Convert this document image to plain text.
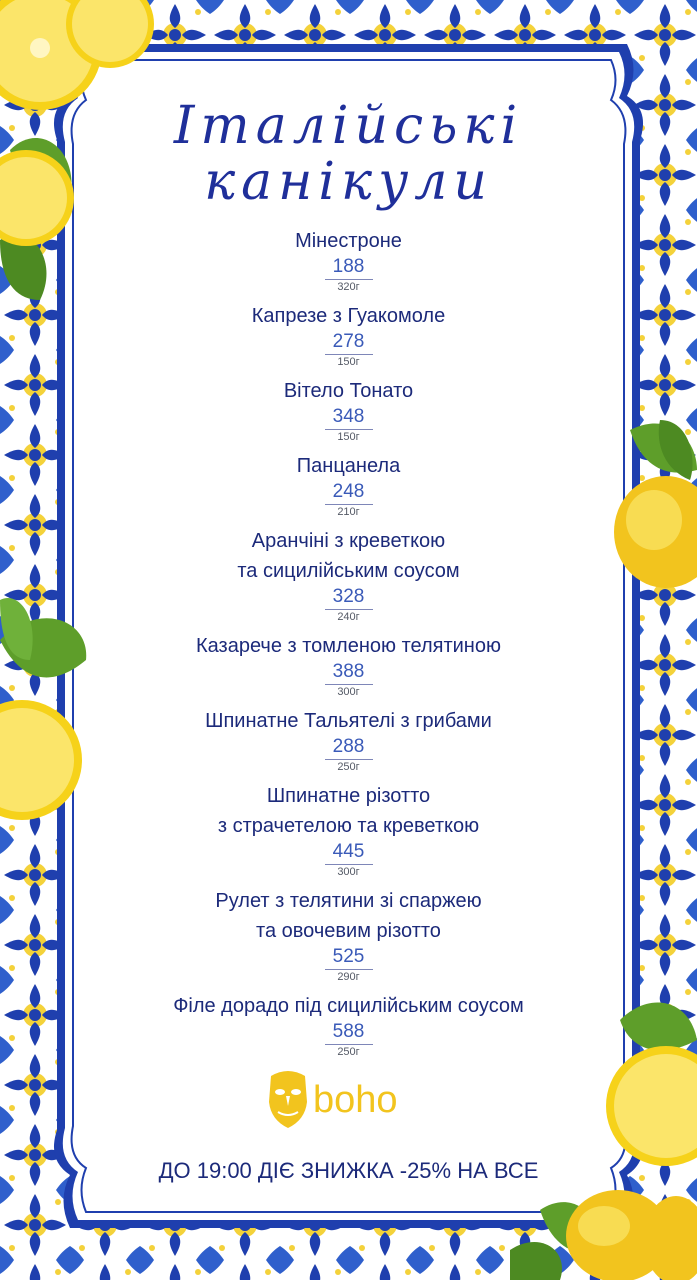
Італійські
канікули
Мінестроне
188
320г
Капрезе з Гуакомоле
278
150г
Вітело Тонато
348
150г
Панцанела
248
210г
Аранчіні з креветкою
та сицилійським соусом
328
240г
Казарече з томленою телятиною
388
300г
Шпинатне Тальятелі з грибами
288
250г
Шпинатне різотто
з страчетелою та креветкою
445
300г
Рулет з телятини зі спаржею
та овочевим різотто
525
290г
Філе дорадо під сицилійським соусом
588
250г
boho
ДО 19:00 ДІЄ ЗНИЖКА -25% НА ВСЕ
